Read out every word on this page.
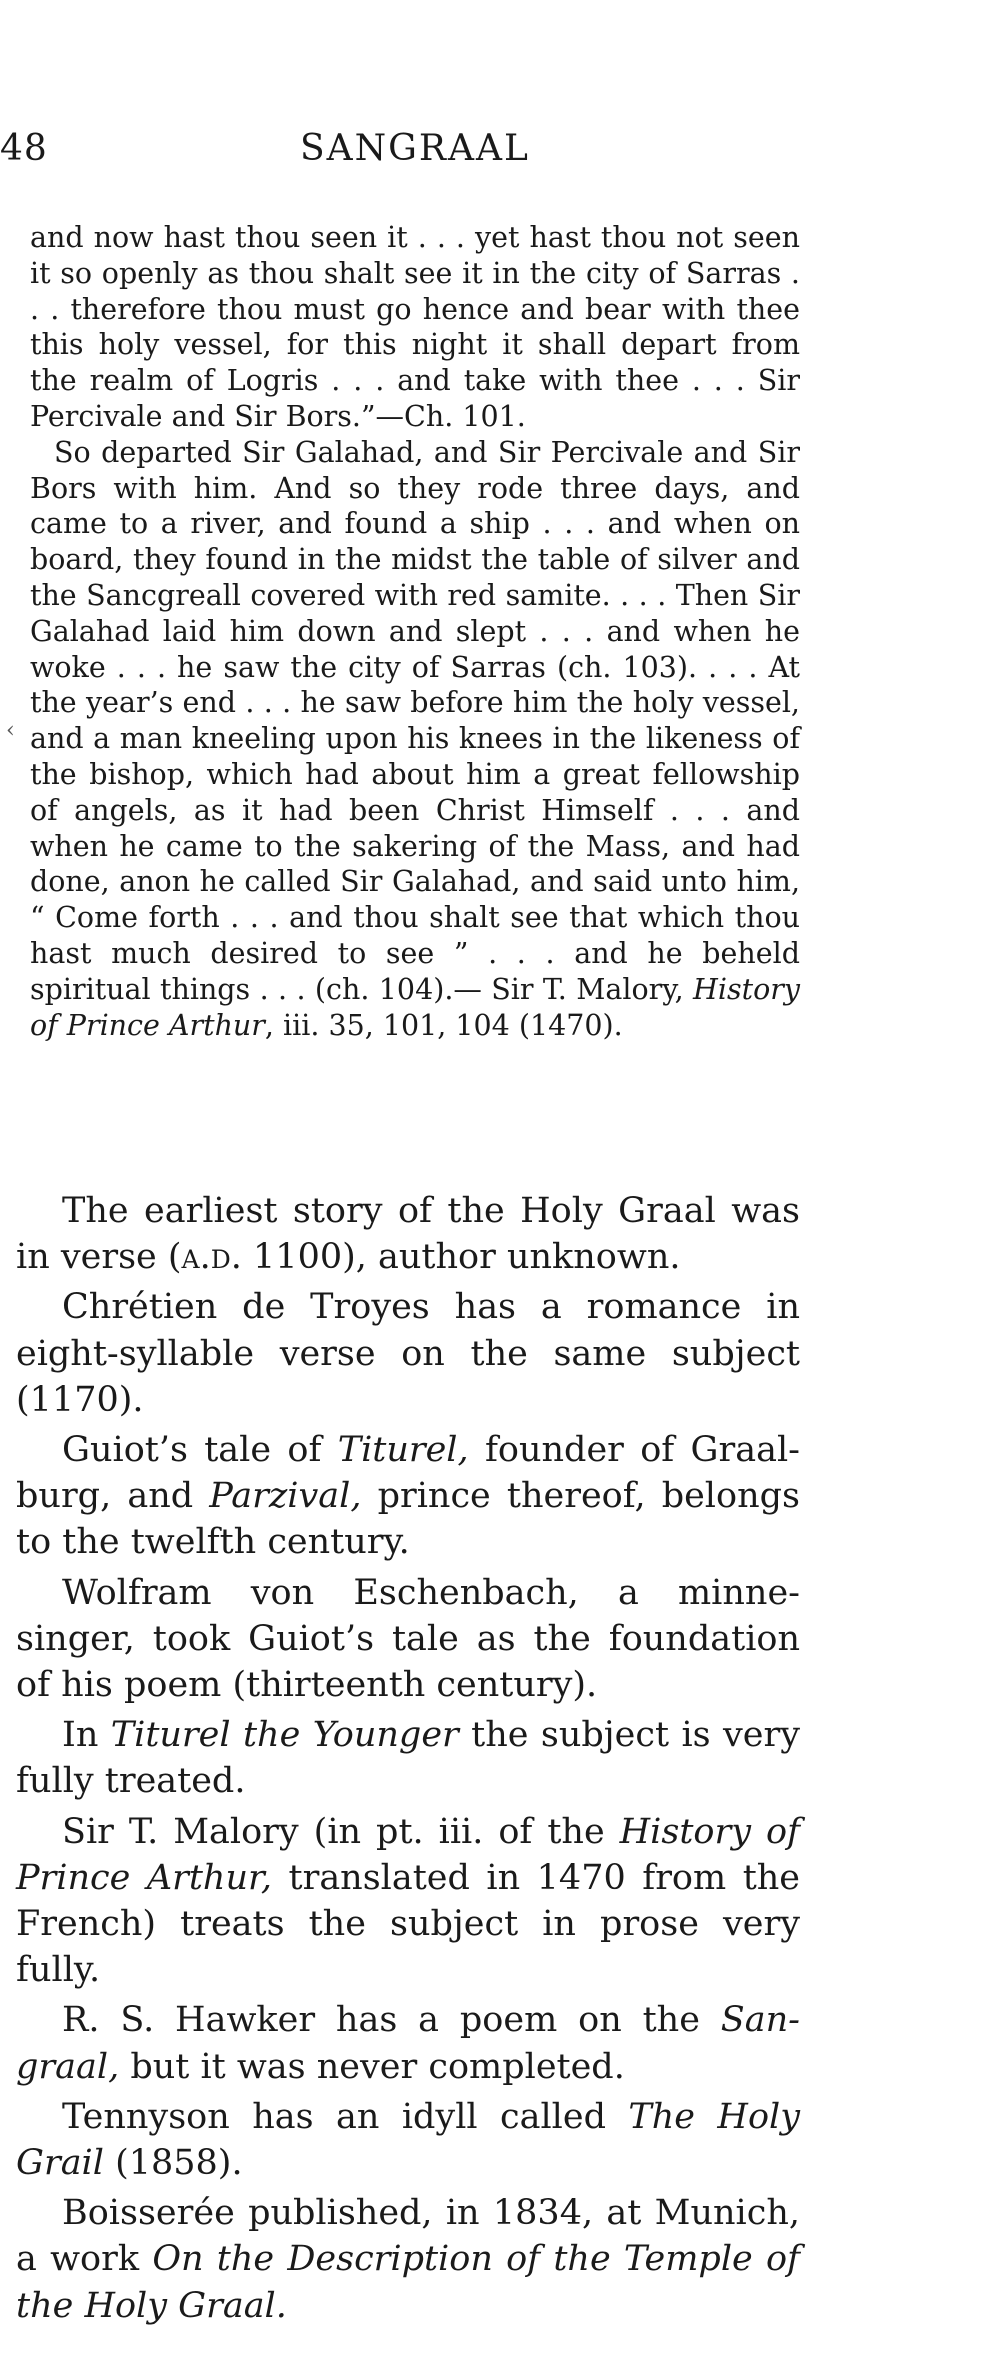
48	SANGRAAL

and now hast thou seen it . . . yet hast thou not seen it so openly as thou shalt see it in the city of Sarras . . . therefore thou must go hence and bear with thee this holy vessel, for this night it shall depart from the realm of Logris . . . and take with thee . . . Sir Percivale and Sir Bors.”—Ch. 101.

So departed Sir Galahad, and Sir Percivale and Sir Bors with him. And so they rode three days, and came to a river, and found a ship . . . and when on board, they found in the midst the table of silver and the Sancgreall covered with red samite. . . . Then Sir Galahad laid him down and slept . . . and when he woke . . . he saw the city of Sarras (ch. 103). . . . At the year’s end . . . he saw before him the holy vessel, and a man kneeling upon his knees in the likeness of the bishop, which had about him a great fellowship of angels, as it had been Christ Himself . . . and when he came to the sakering of the Mass, and had done, anon he called Sir Galahad, and said unto him, “ Come forth . . . and thou shalt see that which thou hast much desired to see ” . . . and he beheld spiritual things . . . (ch. 104).— Sir T. Malory, History of Prince Arthur, iii. 35, 101, 104 (1470).

‹

The earliest story of the Holy Graal was in verse (a.d. 1100), author unknown.

Chrétien de Troyes has a romance in eight-syllable verse on the same subject (1170).

Guiot’s tale of Titurel, founder of Graal-burg, and Parzival, prince thereof, belongs to the twelfth century.

Wolfram von Eschenbach, a minne-singer, took Guiot’s tale as the foundation of his poem (thirteenth century).

In Titurel the Younger the subject is very fully treated.

Sir T. Malory (in pt. iii. of the History of Prince Arthur, translated in 1470 from the French) treats the subject in prose very fully.

R. S. Hawker has a poem on the San-graal, but it was never completed.

Tennyson has an idyll called The Holy Grail (1858).

Boisserée published, in 1834, at Munich, a work On the Description of the Temple of the Holy Graal.
